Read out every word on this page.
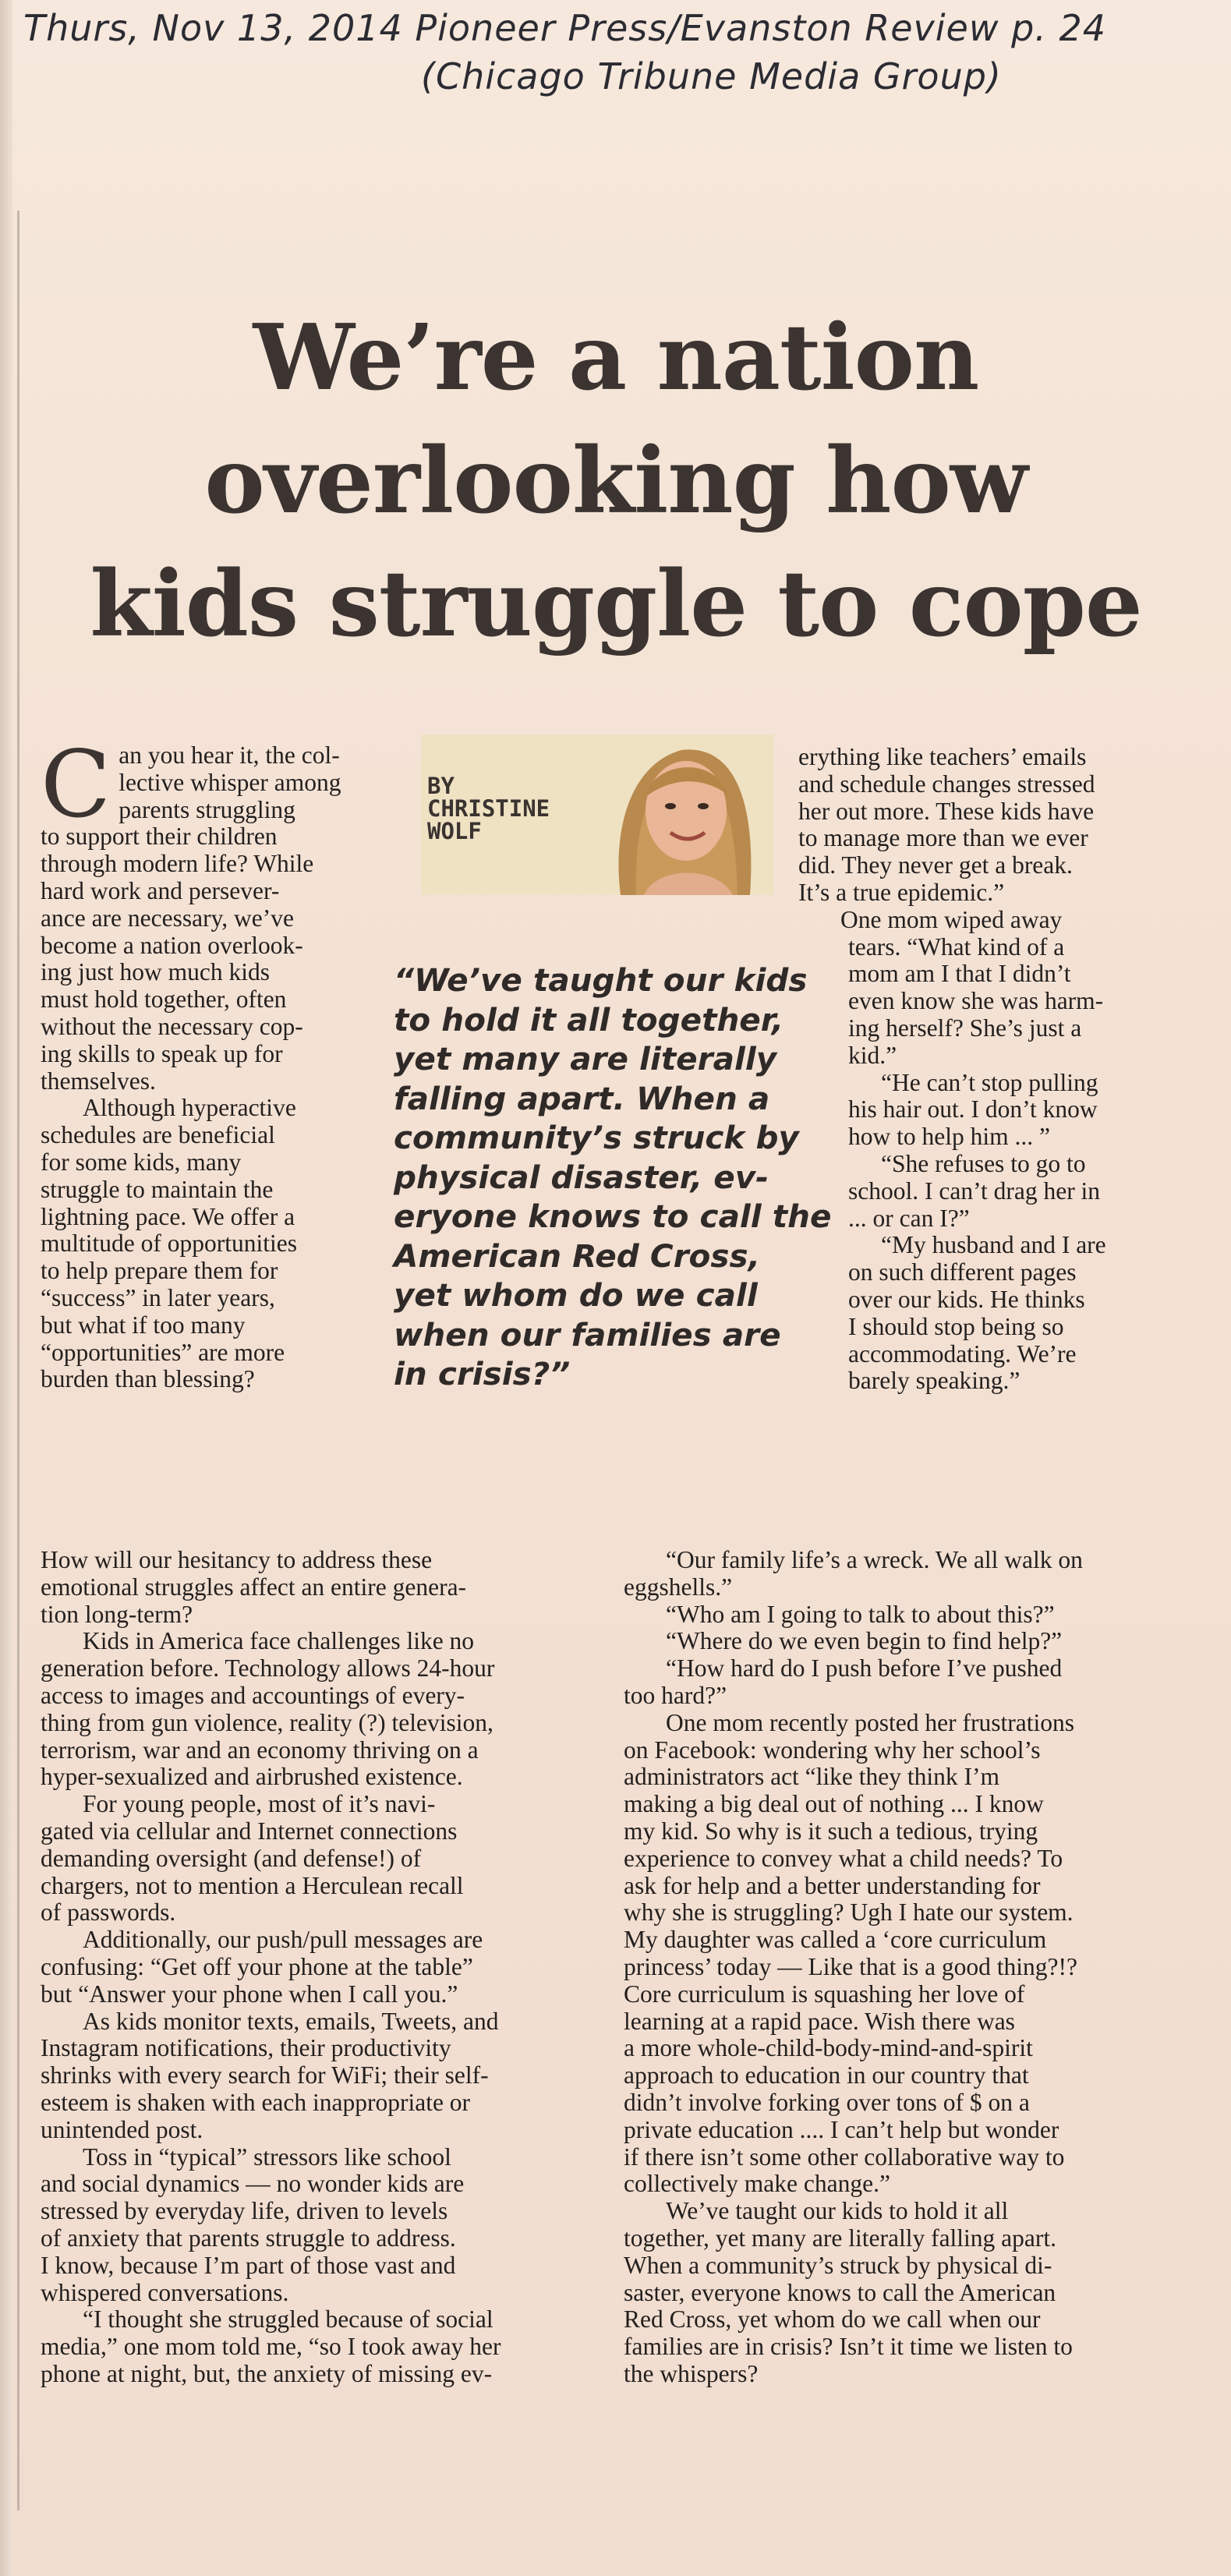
Thurs, Nov 13, 2014 Pioneer Press/Evanston Review p. 24
(Chicago Tribune Media Group)
We’re a nation
overlooking how
kids struggle to cope
C an you hear it, the col-
lective whisper among
parents struggling
to support their children
through modern life? While
hard work and persever-
ance are necessary, we’ve
become a nation overlook-
ing just how much kids
must hold together, often
without the necessary cop-
ing skills to speak up for
themselves.
Although hyperactive
schedules are beneficial
for some kids, many
struggle to maintain the
lightning pace. We offer a
multitude of opportunities
to help prepare them for
“success” in later years,
but what if too many
“opportunities” are more
burden than blessing?
BY
CHRISTINE
WOLF
“We’ve taught our kids
to hold it all together,
yet many are literally
falling apart. When a
community’s struck by
physical disaster, ev-
eryone knows to call the
American Red Cross,
yet whom do we call
when our families are
in crisis?”
erything like teachers’ emails
and schedule changes stressed
her out more. These kids have
to manage more than we ever
did. They never get a break.
It’s a true epidemic.”
One mom wiped away
tears. “What kind of a
mom am I that I didn’t
even know she was harm-
ing herself? She’s just a
kid.”
“He can’t stop pulling
his hair out. I don’t know
how to help him ... ”
“She refuses to go to
school. I can’t drag her in
... or can I?”
“My husband and I are
on such different pages
over our kids. He thinks
I should stop being so
accommodating. We’re
barely speaking.”
How will our hesitancy to address these
emotional struggles affect an entire genera-
tion long-term?
Kids in America face challenges like no
generation before. Technology allows 24-hour
access to images and accountings of every-
thing from gun violence, reality (?) television,
terrorism, war and an economy thriving on a
hyper-sexualized and airbrushed existence.
For young people, most of it’s navi-
gated via cellular and Internet connections
demanding oversight (and defense!) of
chargers, not to mention a Herculean recall
of passwords.
Additionally, our push/pull messages are
confusing: “Get off your phone at the table”
but “Answer your phone when I call you.”
As kids monitor texts, emails, Tweets, and
Instagram notifications, their productivity
shrinks with every search for WiFi; their self-
esteem is shaken with each inappropriate or
unintended post.
Toss in “typical” stressors like school
and social dynamics — no wonder kids are
stressed by everyday life, driven to levels
of anxiety that parents struggle to address.
I know, because I’m part of those vast and
whispered conversations.
“I thought she struggled because of social
media,” one mom told me, “so I took away her
phone at night, but, the anxiety of missing ev-
“Our family life’s a wreck. We all walk on
eggshells.”
“Who am I going to talk to about this?”
“Where do we even begin to find help?”
“How hard do I push before I’ve pushed
too hard?”
One mom recently posted her frustrations
on Facebook: wondering why her school’s
administrators act “like they think I’m
making a big deal out of nothing ... I know
my kid. So why is it such a tedious, trying
experience to convey what a child needs? To
ask for help and a better understanding for
why she is struggling? Ugh I hate our system.
My daughter was called a ‘core curriculum
princess’ today — Like that is a good thing?!?
Core curriculum is squashing her love of
learning at a rapid pace. Wish there was
a more whole-child-body-mind-and-spirit
approach to education in our country that
didn’t involve forking over tons of $ on a
private education .... I can’t help but wonder
if there isn’t some other collaborative way to
collectively make change.”
We’ve taught our kids to hold it all
together, yet many are literally falling apart.
When a community’s struck by physical di-
saster, everyone knows to call the American
Red Cross, yet whom do we call when our
families are in crisis? Isn’t it time we listen to
the whispers?
